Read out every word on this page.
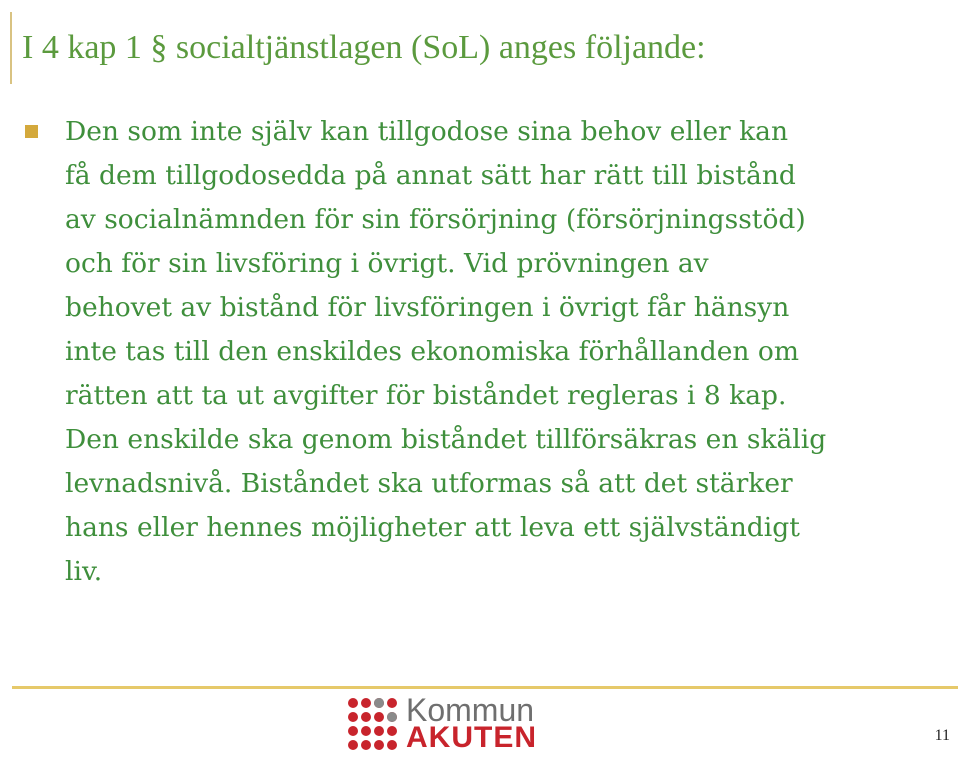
I 4 kap 1 § socialtjänstlagen (SoL) anges följande:

Den som inte själv kan tillgodose sina behov eller kan
få dem tillgodosedda på annat sätt har rätt till bistånd
av socialnämnden för sin försörjning (försörjningsstöd)
och för sin livsföring i övrigt. Vid prövningen av
behovet av bistånd för livsföringen i övrigt får hänsyn
inte tas till den enskildes ekonomiska förhållanden om
rätten att ta ut avgifter för biståndet regleras i 8 kap.
Den enskilde ska genom biståndet tillförsäkras en skälig
levnadsnivå. Biståndet ska utformas så att det stärker
hans eller hennes möjligheter att leva ett självständigt
liv.

Kommun
AKUTEN	11
